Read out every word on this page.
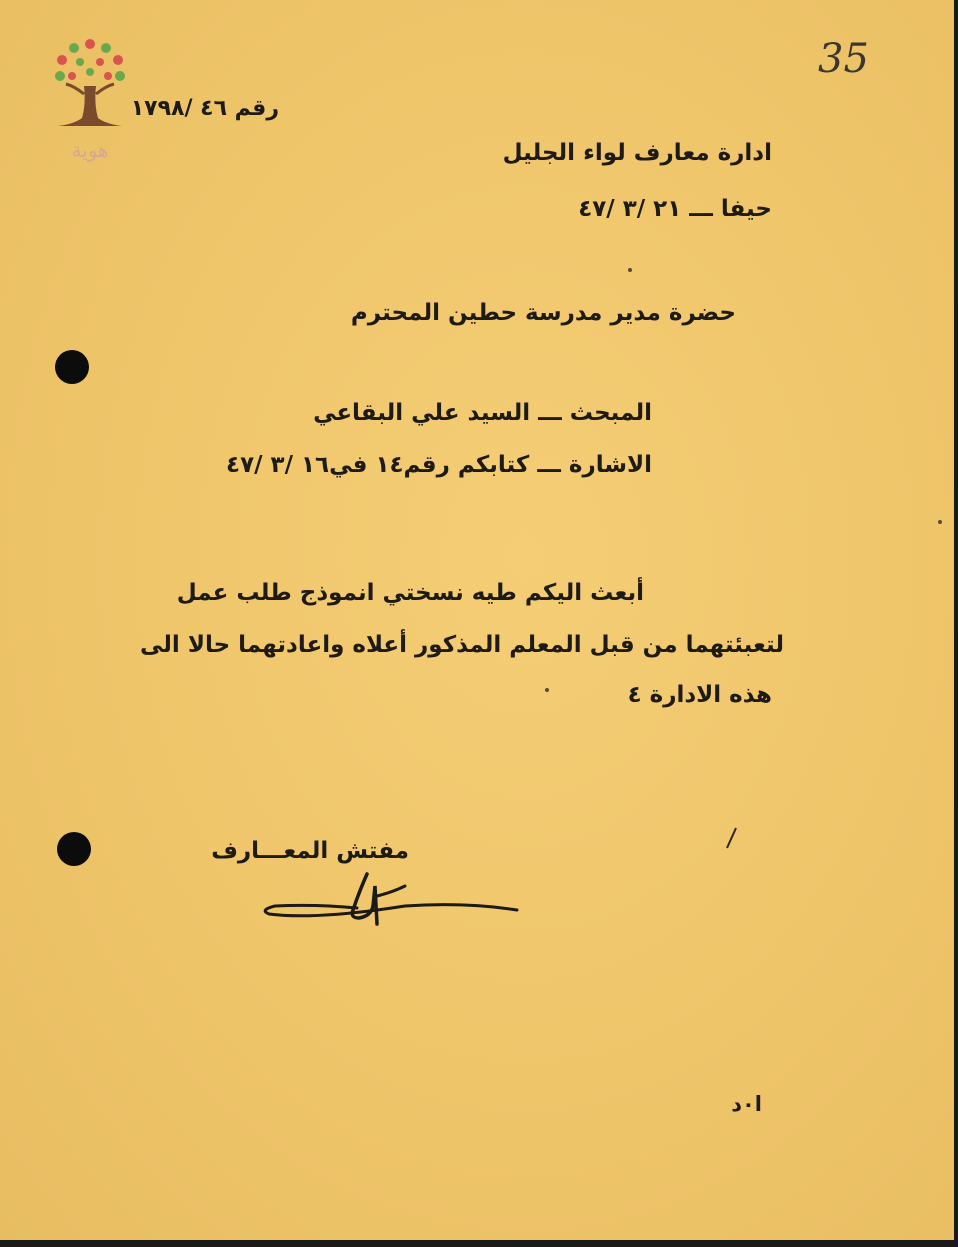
هوية
35
رقم ٤٦ /١٧٩٨
ادارة معارف لواء الجليل
حيفا ـــ ٢١ /٣ /٤٧
حضرة مدير مدرسة حطين المحترم
المبحث ـــ السيد علي البقاعي
الاشارة ـــ كتابكم رقم١٤ في١٦ /٣ /٤٧
أبعث اليكم طيه نسختي انموذج طلب عمل
لتعبئتهما من قبل المعلم المذكور أعلاه واعادتهما حالا الى
هذه الادارة ٤
مفتش المعـــارف
ا٠د
